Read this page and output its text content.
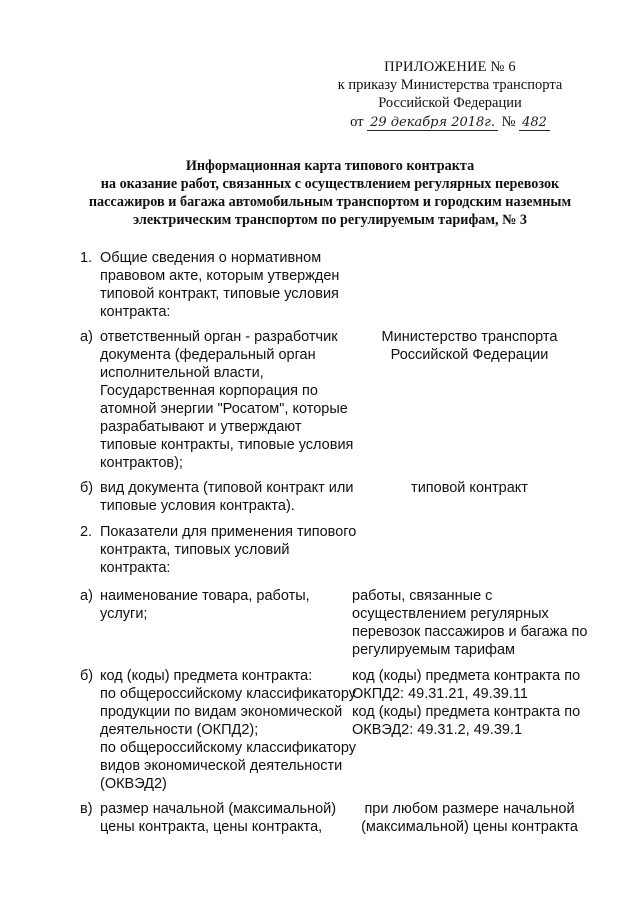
ПРИЛОЖЕНИЕ № 6
к приказу Министерства транспорта
Российской Федерации
от 29 декабря 2018г. № 482
Информационная карта типового контракта
на оказание работ, связанных с осуществлением регулярных перевозок
пассажиров и багажа автомобильным транспортом и городским наземным
электрическим транспортом по регулируемым тарифам, № 3
1. Общие сведения о нормативном
правовом акте, которым утвержден
типовой контракт, типовые условия
контракта:
а) ответственный орган - разработчик
документа (федеральный орган
исполнительной власти,
Государственная корпорация по
атомной энергии "Росатом", которые
разрабатывают и утверждают
типовые контракты, типовые условия
контрактов);
Министерство транспорта
Российской Федерации
б) вид документа (типовой контракт или
типовые условия контракта).
типовой контракт
2. Показатели для применения типового
контракта, типовых условий
контракта:
а) наименование товара, работы,
услуги;
работы, связанные с
осуществлением регулярных
перевозок пассажиров и багажа по
регулируемым тарифам
б) код (коды) предмета контракта:
по общероссийскому классификатору
продукции по видам экономической
деятельности (ОКПД2);
по общероссийскому классификатору
видов экономической деятельности
(ОКВЭД2)
код (коды) предмета контракта по
ОКПД2: 49.31.21, 49.39.11
код (коды) предмета контракта по
ОКВЭД2: 49.31.2, 49.39.1
в) размер начальной (максимальной)
цены контракта, цены контракта,
при любом размере начальной
(максимальной) цены контракта
